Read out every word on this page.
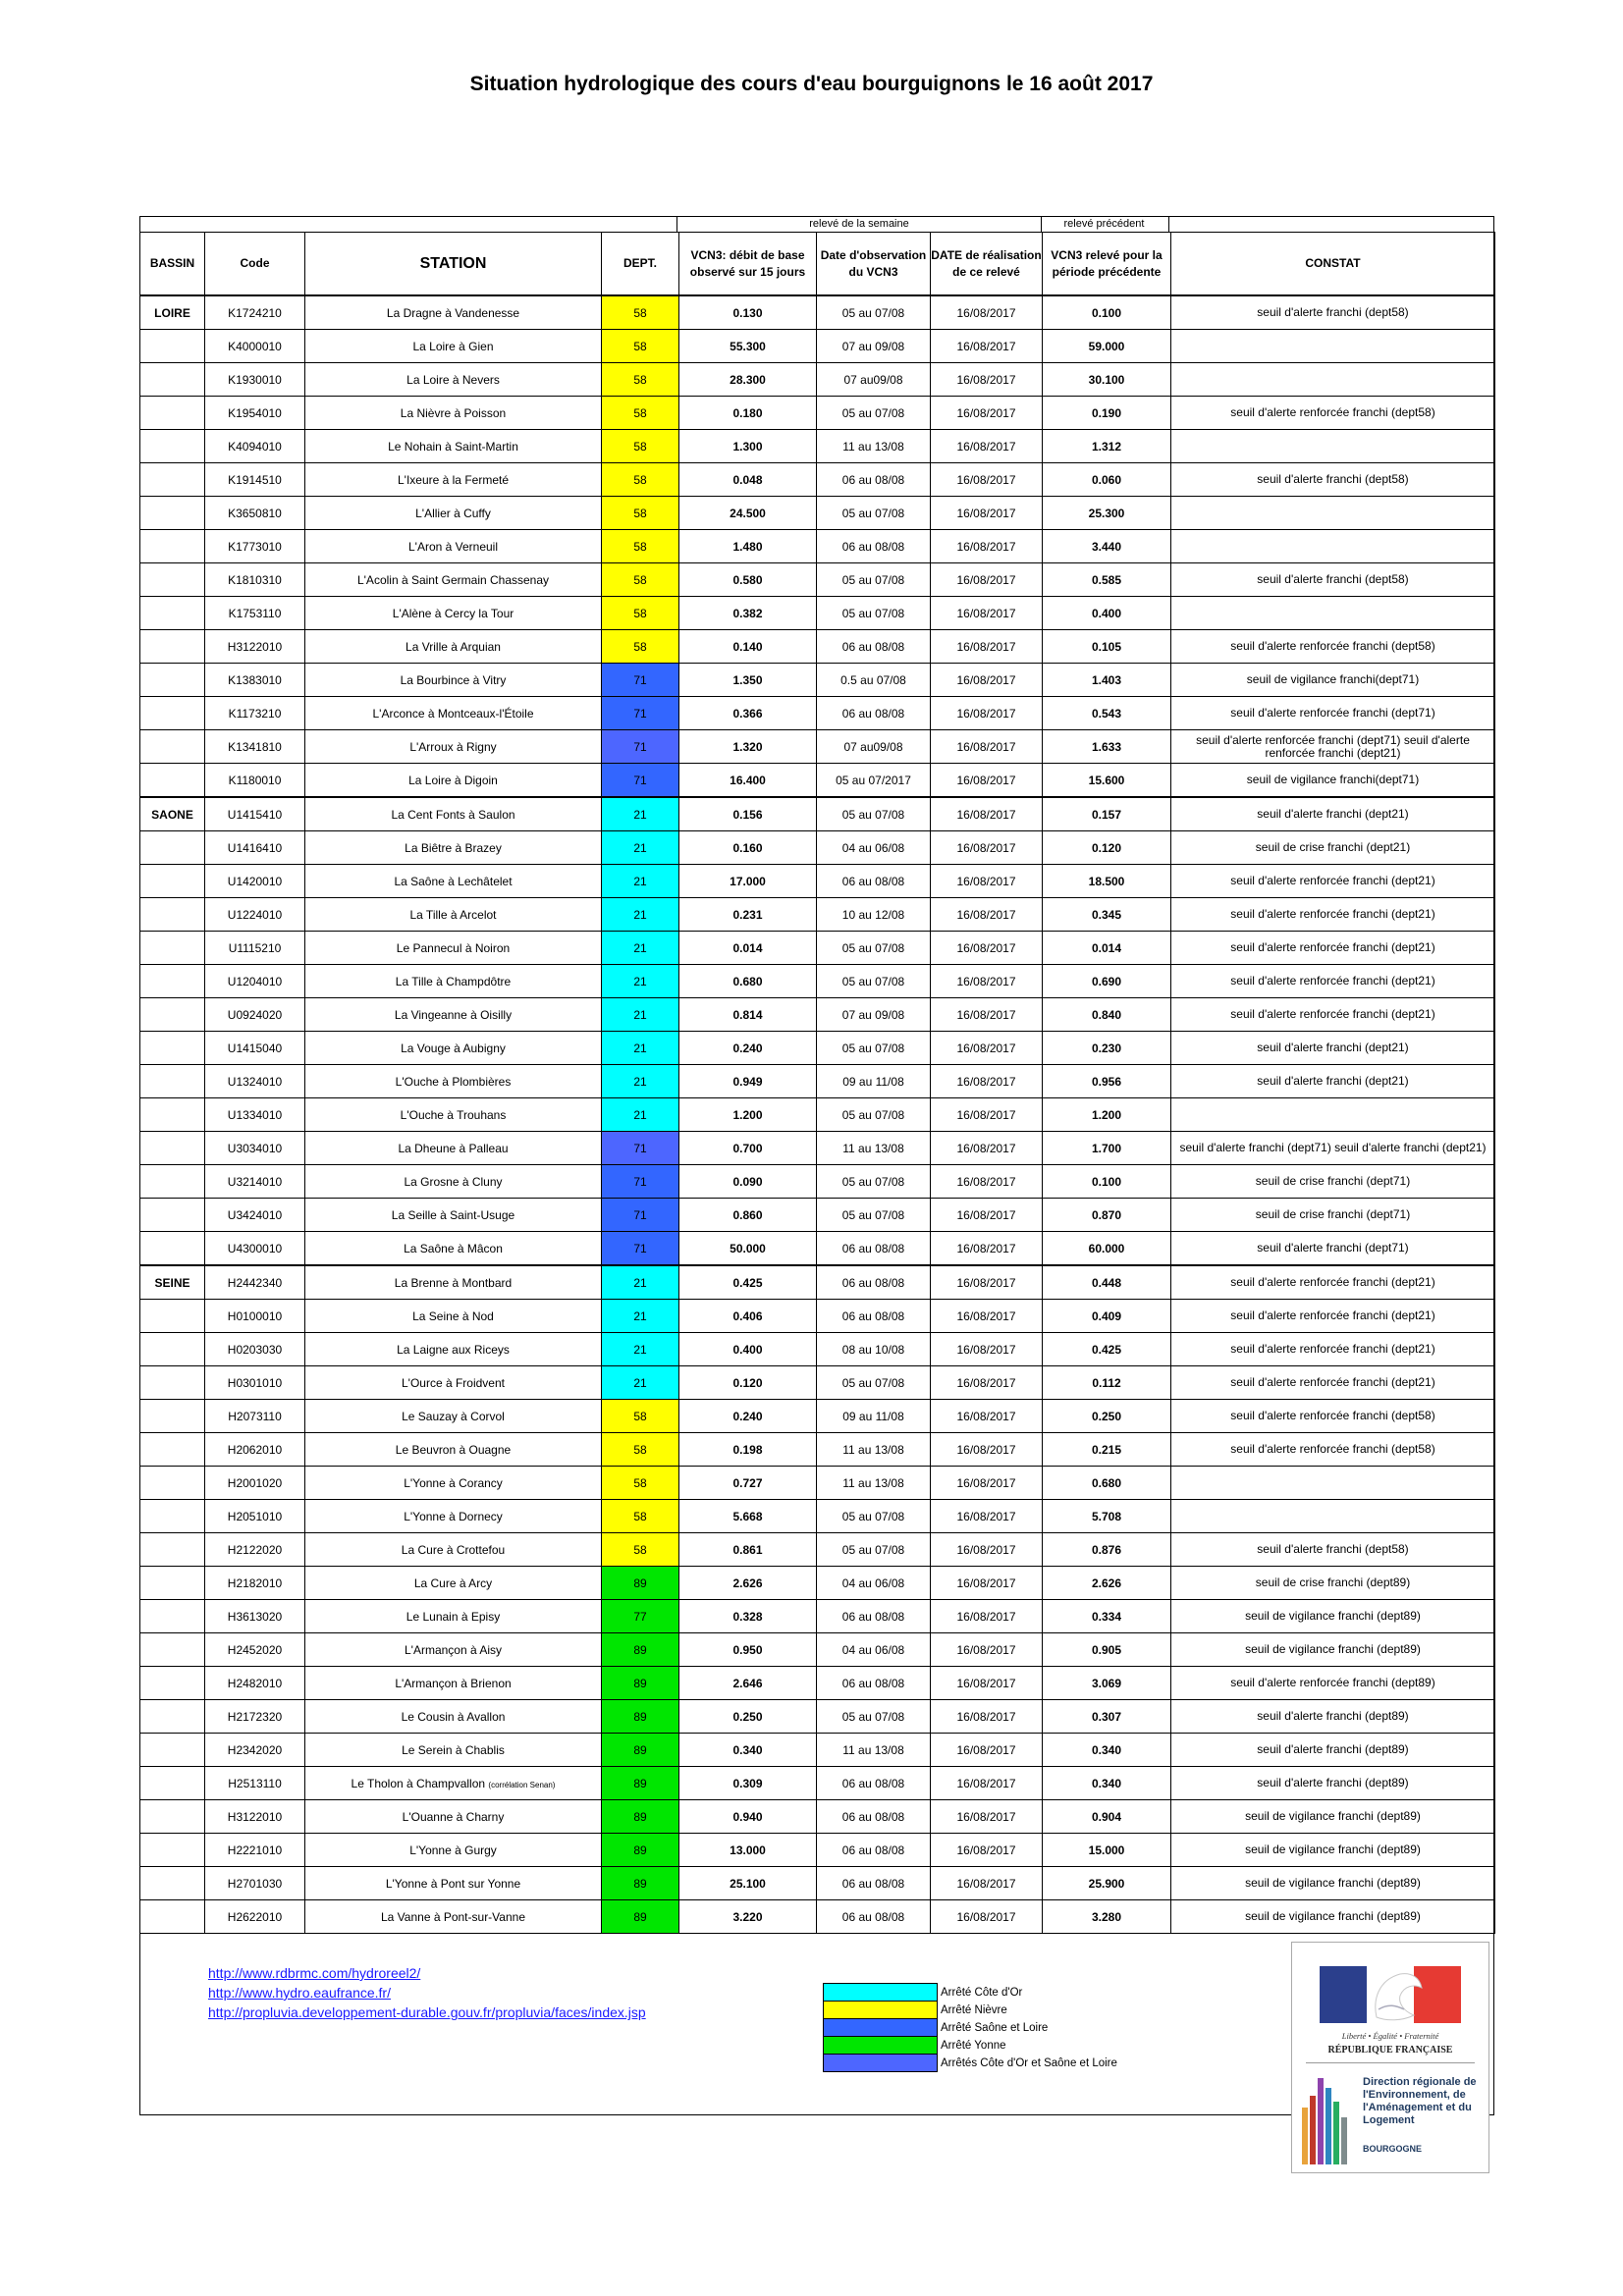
Situation hydrologique des cours d'eau bourguignons le 16 août 2017
relevé de la semaine	relevé précédent
BASSIN	Code	STATION	DEPT.	VCN3: débit de base observé sur 15 jours	Date d'observation du VCN3	DATE de réalisation de ce relevé	VCN3 relevé pour la période précédente	CONSTAT
LOIRE	K1724210	La Dragne à Vandenesse	58	0.130	05 au 07/08	16/08/2017	0.100	seuil d'alerte franchi (dept58)
	K4000010	La Loire à Gien	58	55.300	07 au 09/08	16/08/2017	59.000	
	K1930010	La Loire à Nevers	58	28.300	07 au09/08	16/08/2017	30.100	
	K1954010	La Nièvre à Poisson	58	0.180	05 au 07/08	16/08/2017	0.190	seuil d'alerte renforcée franchi (dept58)
	K4094010	Le Nohain à Saint-Martin	58	1.300	11 au 13/08	16/08/2017	1.312	
	K1914510	L'Ixeure à la Fermeté	58	0.048	06 au 08/08	16/08/2017	0.060	seuil d'alerte franchi (dept58)
	K3650810	L'Allier à Cuffy	58	24.500	05 au 07/08	16/08/2017	25.300	
	K1773010	L'Aron à Verneuil	58	1.480	06 au 08/08	16/08/2017	3.440	
	K1810310	L'Acolin à Saint Germain Chassenay	58	0.580	05 au 07/08	16/08/2017	0.585	seuil d'alerte franchi (dept58)
	K1753110	L'Alène à Cercy la Tour	58	0.382	05 au 07/08	16/08/2017	0.400	
	H3122010	La Vrille à Arquian	58	0.140	06 au 08/08	16/08/2017	0.105	seuil d'alerte renforcée franchi (dept58)
	K1383010	La Bourbince à Vitry	71	1.350	0.5 au 07/08	16/08/2017	1.403	seuil de vigilance franchi(dept71)
	K1173210	L'Arconce à Montceaux-l'Étoile	71	0.366	06 au 08/08	16/08/2017	0.543	seuil d'alerte renforcée franchi (dept71)
	K1341810	L'Arroux à Rigny	71	1.320	07 au09/08	16/08/2017	1.633	seuil d'alerte renforcée franchi (dept71) seuil d'alerte renforcée franchi (dept21)
	K1180010	La Loire à Digoin	71	16.400	05 au 07/2017	16/08/2017	15.600	seuil de vigilance franchi(dept71)
SAONE	U1415410	La Cent Fonts à Saulon	21	0.156	05 au 07/08	16/08/2017	0.157	seuil d'alerte franchi (dept21)
	U1416410	La Biêtre à Brazey	21	0.160	04 au 06/08	16/08/2017	0.120	seuil de crise franchi (dept21)
	U1420010	La Saône à Lechâtelet	21	17.000	06 au 08/08	16/08/2017	18.500	seuil d'alerte renforcée franchi (dept21)
	U1224010	La Tille à Arcelot	21	0.231	10 au 12/08	16/08/2017	0.345	seuil d'alerte renforcée franchi (dept21)
	U1115210	Le Pannecul à Noiron	21	0.014	05 au 07/08	16/08/2017	0.014	seuil d'alerte renforcée franchi (dept21)
	U1204010	La Tille à Champdôtre	21	0.680	05 au 07/08	16/08/2017	0.690	seuil d'alerte renforcée franchi (dept21)
	U0924020	La Vingeanne à Oisilly	21	0.814	07 au 09/08	16/08/2017	0.840	seuil d'alerte renforcée franchi (dept21)
	U1415040	La Vouge à Aubigny	21	0.240	05 au 07/08	16/08/2017	0.230	seuil d'alerte franchi (dept21)
	U1324010	L'Ouche à Plombières	21	0.949	09 au 11/08	16/08/2017	0.956	seuil d'alerte franchi (dept21)
	U1334010	L'Ouche à Trouhans	21	1.200	05 au 07/08	16/08/2017	1.200	
	U3034010	La Dheune à Palleau	71	0.700	11 au 13/08	16/08/2017	1.700	seuil d'alerte franchi (dept71) seuil d'alerte franchi (dept21)
	U3214010	La Grosne à Cluny	71	0.090	05 au 07/08	16/08/2017	0.100	seuil de crise franchi (dept71)
	U3424010	La Seille à Saint-Usuge	71	0.860	05 au 07/08	16/08/2017	0.870	seuil de crise franchi (dept71)
	U4300010	La Saône à Mâcon	71	50.000	06 au 08/08	16/08/2017	60.000	seuil d'alerte franchi (dept71)
SEINE	H2442340	La Brenne à Montbard	21	0.425	06 au 08/08	16/08/2017	0.448	seuil d'alerte renforcée franchi (dept21)
	H0100010	La Seine à Nod	21	0.406	06 au 08/08	16/08/2017	0.409	seuil d'alerte renforcée franchi (dept21)
	H0203030	La Laigne aux Riceys	21	0.400	08 au 10/08	16/08/2017	0.425	seuil d'alerte renforcée franchi (dept21)
	H0301010	L'Ource à Froidvent	21	0.120	05 au 07/08	16/08/2017	0.112	seuil d'alerte renforcée franchi (dept21)
	H2073110	Le Sauzay à Corvol	58	0.240	09 au 11/08	16/08/2017	0.250	seuil d'alerte renforcée franchi (dept58)
	H2062010	Le Beuvron à Ouagne	58	0.198	11 au 13/08	16/08/2017	0.215	seuil d'alerte renforcée franchi (dept58)
	H2001020	L'Yonne à Corancy	58	0.727	11 au 13/08	16/08/2017	0.680	
	H2051010	L'Yonne à Dornecy	58	5.668	05 au 07/08	16/08/2017	5.708	
	H2122020	La Cure à Crottefou	58	0.861	05 au 07/08	16/08/2017	0.876	seuil d'alerte franchi (dept58)
	H2182010	La Cure à Arcy	89	2.626	04 au 06/08	16/08/2017	2.626	seuil de crise franchi (dept89)
	H3613020	Le Lunain à Episy	77	0.328	06 au 08/08	16/08/2017	0.334	seuil de vigilance franchi (dept89)
	H2452020	L'Armançon à Aisy	89	0.950	04 au 06/08	16/08/2017	0.905	seuil de vigilance franchi (dept89)
	H2482010	L'Armançon à Brienon	89	2.646	06 au 08/08	16/08/2017	3.069	seuil d'alerte renforcée franchi (dept89)
	H2172320	Le Cousin à Avallon	89	0.250	05 au 07/08	16/08/2017	0.307	seuil d'alerte franchi (dept89)
	H2342020	Le Serein à Chablis	89	0.340	11 au 13/08	16/08/2017	0.340	seuil d'alerte franchi (dept89)
	H2513110	Le Tholon à Champvallon (corrélation Senan)	89	0.309	06 au 08/08	16/08/2017	0.340	seuil d'alerte franchi (dept89)
	H3122010	L'Ouanne à Charny	89	0.940	06 au 08/08	16/08/2017	0.904	seuil de vigilance franchi (dept89)
	H2221010	L'Yonne à Gurgy	89	13.000	06 au 08/08	16/08/2017	15.000	seuil de vigilance franchi (dept89)
	H2701030	L'Yonne à Pont sur Yonne	89	25.100	06 au 08/08	16/08/2017	25.900	seuil de vigilance franchi (dept89)
	H2622010	La Vanne à Pont-sur-Vanne	89	3.220	06 au 08/08	16/08/2017	3.280	seuil de vigilance franchi (dept89)
http://www.rdbrmc.com/hydroreel2/
http://www.hydro.eaufrance.fr/
http://propluvia.developpement-durable.gouv.fr/propluvia/faces/index.jsp
	Arrêté Côte d'Or
	Arrêté Nièvre
	Arrêté Saône et Loire
	Arrêté Yonne
	Arrêtés Côte d'Or et Saône et Loire
Liberté • Égalité • Fraternité
RÉPUBLIQUE FRANÇAISE
Direction régionale de l'Environnement, de l'Aménagement et du Logement
BOURGOGNE
